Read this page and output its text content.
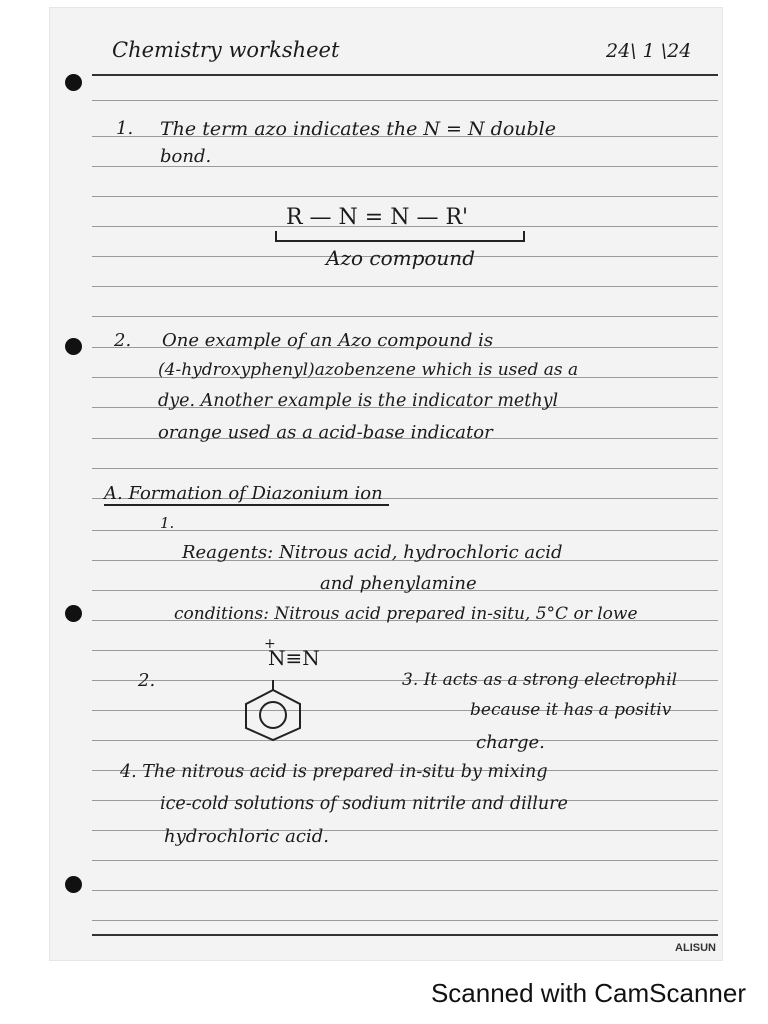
Chemistry worksheet	24\ 1 \24
1. The term azo indicates the N = N double
bond.
R — N = N — R'
Azo compound
2. One example of an Azo compound is
(4-hydroxyphenyl)azobenzene which is used as a
dye. Another example is the indicator methyl
orange used as a acid-base indicator
A. Formation of Diazonium ion
1.
Reagents: Nitrous acid, hydrochloric acid
and phenylamine
conditions: Nitrous acid prepared in-situ, 5°C or lowe
+
N≡N
2.	3. It acts as a strong electrophil
because it has a positiv
charge.
4. The nitrous acid is prepared in-situ by mixing
ice-cold solutions of sodium nitrile and dillure
hydrochloric acid.
ALISUN
Scanned with CamScanner
